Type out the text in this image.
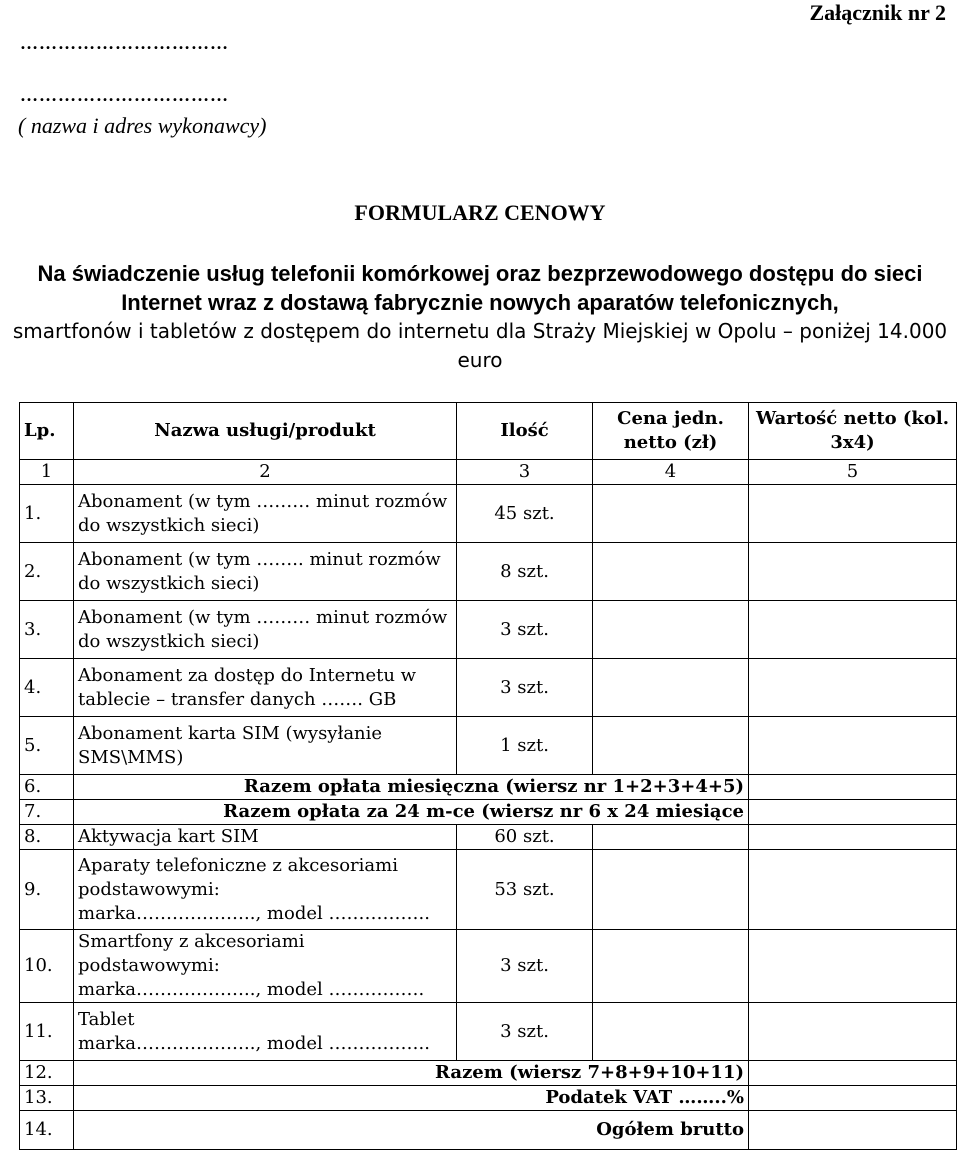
Załącznik nr 2
……………………………
……………………………
( nazwa i adres wykonawcy)
FORMULARZ CENOWY
Na świadczenie usług telefonii komórkowej oraz bezprzewodowego dostępu do sieci Internet wraz z dostawą fabrycznie nowych aparatów telefonicznych,
smartfonów i tabletów z dostępem do internetu dla Straży Miejskiej w Opolu – poniżej 14.000 euro
Lp.	Nazwa usługi/produkt	Ilość	Cena jedn. netto (zł)	Wartość netto (kol. 3x4)
1	2	3	4	5
1.	Abonament (w tym ……… minut rozmów do wszystkich sieci)	45 szt.		
2.	Abonament (w tym …….. minut rozmów do wszystkich sieci)	8 szt.		
3.	Abonament (w tym ……… minut rozmów do wszystkich sieci)	3 szt.		
4.	Abonament za dostęp do Internetu w tablecie – transfer danych ……. GB	3 szt.		
5.	Abonament karta SIM (wysyłanie SMS\MMS)	1 szt.		
6.	Razem opłata miesięczna (wiersz nr 1+2+3+4+5)			
7.	Razem opłata za 24 m-ce (wiersz nr 6 x 24 miesiące			
8.	Aktywacja kart SIM	60 szt.		
9.	Aparaty telefoniczne z akcesoriami
podstawowymi:
marka……………….., model ……………..	53 szt.		
10.	Smartfony z akcesoriami podstawowymi:
marka……………….., model …………….	3 szt.		
11.	Tablet
marka……………….., model ……………..	3 szt.		
12.	Razem (wiersz 7+8+9+10+11)			
13.	Podatek VAT ……..%			
14.	Ogółem brutto			
